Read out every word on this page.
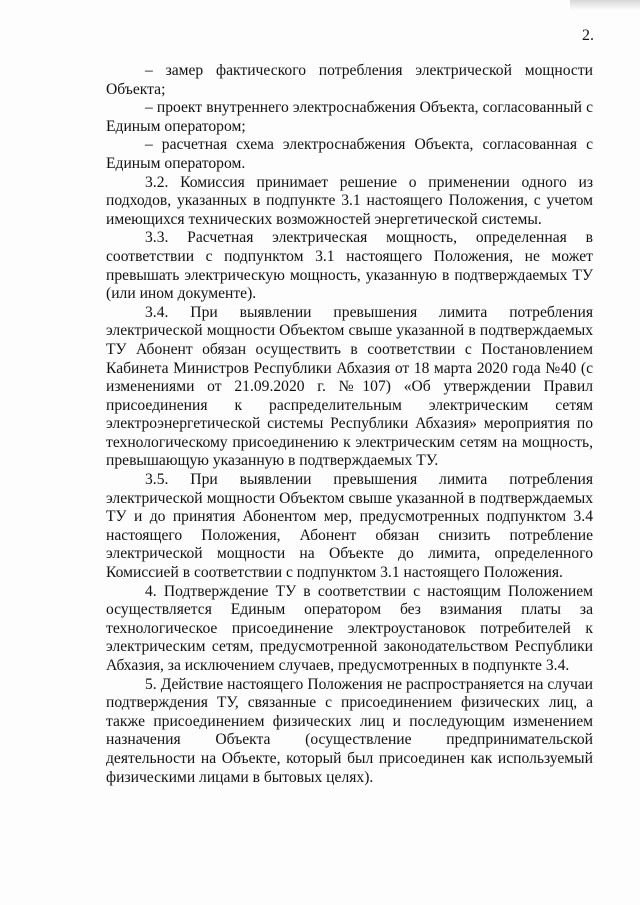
2.

– замер фактического потребления электрической мощности Объекта;

– проект внутреннего электроснабжения Объекта, согласованный с Единым оператором;

– расчетная схема электроснабжения Объекта, согласованная с Единым оператором.

3.2. Комиссия принимает решение о применении одного из подходов, указанных в подпункте 3.1 настоящего Положения, с учетом имеющихся технических возможностей энергетической системы.

3.3. Расчетная электрическая мощность, определенная в соответствии с подпунктом 3.1 настоящего Положения, не может превышать электрическую мощность, указанную в подтверждаемых ТУ (или ином документе).

3.4. При выявлении превышения лимита потребления электрической мощности Объектом свыше указанной в подтверждаемых ТУ Абонент обязан осуществить в соответствии с Постановлением Кабинета Министров Республики Абхазия от 18 марта 2020 года №40 (с изменениями от 21.09.2020 г. №107) «Об утверждении Правил присоединения к распределительным электрическим сетям электроэнергетической системы Республики Абхазия» мероприятия по технологическому присоединению к электрическим сетям на мощность, превышающую указанную в подтверждаемых ТУ.

3.5. При выявлении превышения лимита потребления электрической мощности Объектом свыше указанной в подтверждаемых ТУ и до принятия Абонентом мер, предусмотренных подпунктом 3.4 настоящего Положения, Абонент обязан снизить потребление электрической мощности на Объекте до лимита, определенного Комиссией в соответствии с подпунктом 3.1 настоящего Положения.

4. Подтверждение ТУ в соответствии с настоящим Положением осуществляется Единым оператором без взимания платы за технологическое присоединение электроустановок потребителей к электрическим сетям, предусмотренной законодательством Республики Абхазия, за исключением случаев, предусмотренных в подпункте 3.4.

5. Действие настоящего Положения не распространяется на случаи подтверждения ТУ, связанные с присоединением физических лиц, а также присоединением физических лиц и последующим изменением назначения Объекта (осуществление предпринимательской деятельности на Объекте, который был присоединен как используемый физическими лицами в бытовых целях).
